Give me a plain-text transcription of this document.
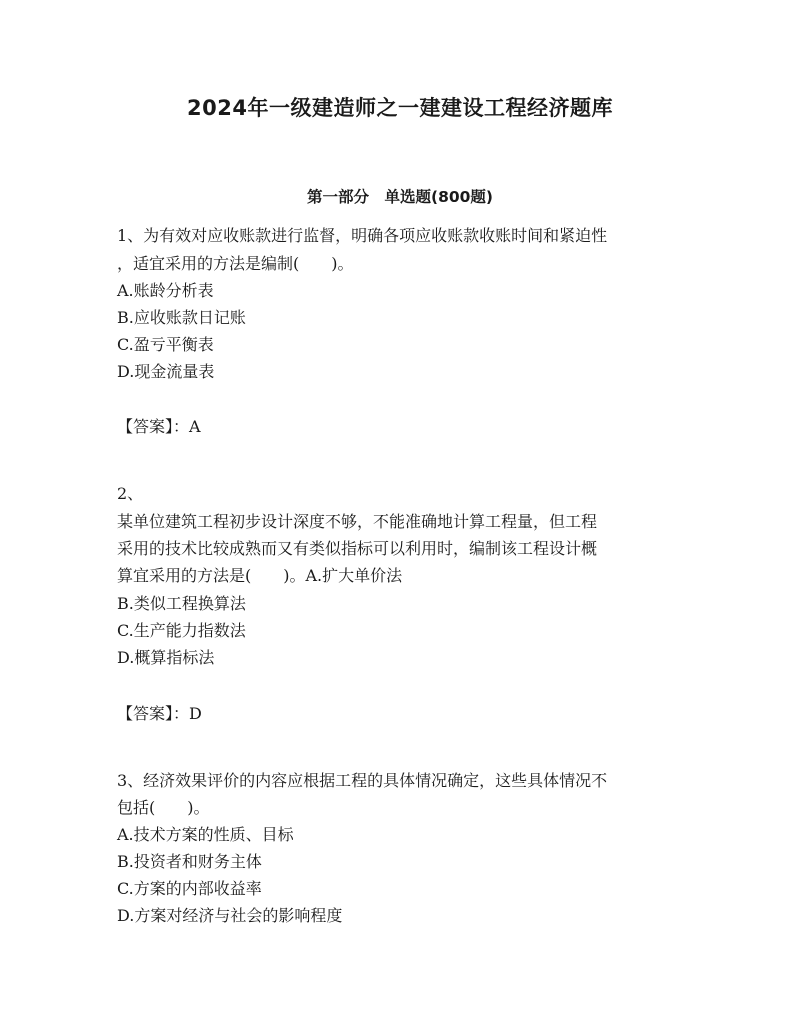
2024年一级建造师之一建建设工程经济题库
第一部分　单选题(800题)
1、为有效对应收账款进行监督，明确各项应收账款收账时间和紧迫性
，适宜采用的方法是编制(　　)。
A.账龄分析表
B.应收账款日记账
C.盈亏平衡表
D.现金流量表
【答案】：A
2、
某单位建筑工程初步设计深度不够，不能准确地计算工程量，但工程
采用的技术比较成熟而又有类似指标可以利用时，编制该工程设计概
算宜采用的方法是(　　)。A.扩大单价法
B.类似工程换算法
C.生产能力指数法
D.概算指标法
【答案】：D
3、经济效果评价的内容应根据工程的具体情况确定，这些具体情况不
包括(　　)。
A.技术方案的性质、目标
B.投资者和财务主体
C.方案的内部收益率
D.方案对经济与社会的影响程度
